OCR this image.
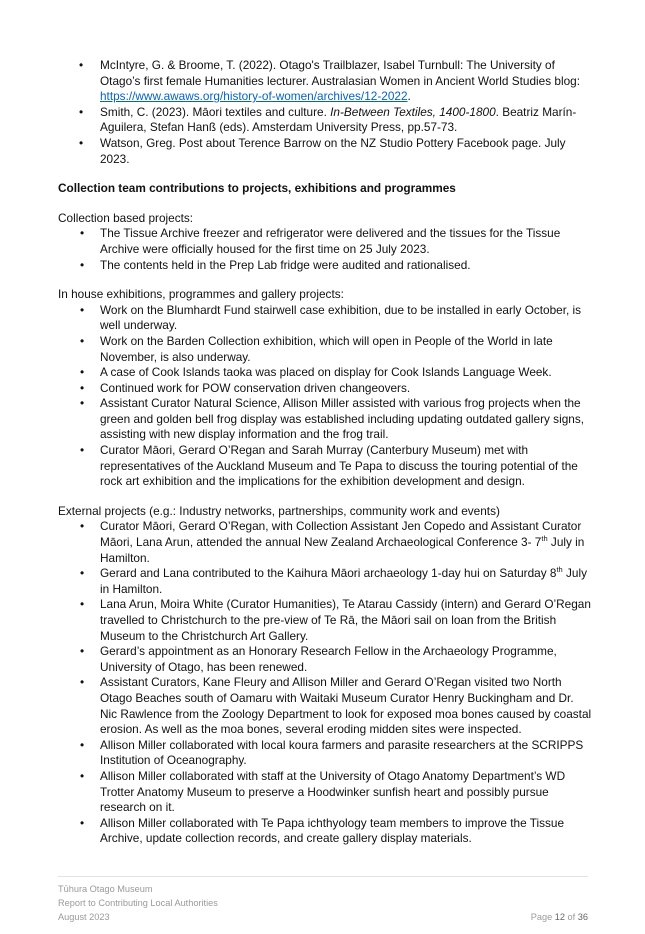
• McIntyre, G. & Broome, T. (2022). Otago's Trailblazer, Isabel Turnbull: The University of Otago’s first female Humanities lecturer. Australasian Women in Ancient World Studies blog: https://www.awaws.org/history-of-women/archives/12-2022.
• Smith, C. (2023). Māori textiles and culture. In-Between Textiles, 1400-1800. Beatriz Marín-Aguilera, Stefan Hanß (eds). Amsterdam University Press, pp.57-73.
• Watson, Greg. Post about Terence Barrow on the NZ Studio Pottery Facebook page. July 2023.
Collection team contributions to projects, exhibitions and programmes
Collection based projects:
• The Tissue Archive freezer and refrigerator were delivered and the tissues for the Tissue Archive were officially housed for the first time on 25 July 2023.
• The contents held in the Prep Lab fridge were audited and rationalised.
In house exhibitions, programmes and gallery projects:
• Work on the Blumhardt Fund stairwell case exhibition, due to be installed in early October, is well underway.
• Work on the Barden Collection exhibition, which will open in People of the World in late November, is also underway.
• A case of Cook Islands taoka was placed on display for Cook Islands Language Week.
• Continued work for POW conservation driven changeovers.
• Assistant Curator Natural Science, Allison Miller assisted with various frog projects when the green and golden bell frog display was established including updating outdated gallery signs, assisting with new display information and the frog trail.
• Curator Māori, Gerard O’Regan and Sarah Murray (Canterbury Museum) met with representatives of the Auckland Museum and Te Papa to discuss the touring potential of the rock art exhibition and the implications for the exhibition development and design.
External projects (e.g.: Industry networks, partnerships, community work and events)
• Curator Māori, Gerard O’Regan, with Collection Assistant Jen Copedo and Assistant Curator Māori, Lana Arun, attended the annual New Zealand Archaeological Conference 3- 7th July in Hamilton.
• Gerard and Lana contributed to the Kaihura Māori archaeology 1-day hui on Saturday 8th July in Hamilton.
• Lana Arun, Moira White (Curator Humanities), Te Atarau Cassidy (intern) and Gerard O’Regan travelled to Christchurch to the pre-view of Te Rā, the Māori sail on loan from the British Museum to the Christchurch Art Gallery.
• Gerard’s appointment as an Honorary Research Fellow in the Archaeology Programme, University of Otago, has been renewed.
• Assistant Curators, Kane Fleury and Allison Miller and Gerard O’Regan visited two North Otago Beaches south of Oamaru with Waitaki Museum Curator Henry Buckingham and Dr. Nic Rawlence from the Zoology Department to look for exposed moa bones caused by coastal erosion. As well as the moa bones, several eroding midden sites were inspected.
• Allison Miller collaborated with local koura farmers and parasite researchers at the SCRIPPS Institution of Oceanography.
• Allison Miller collaborated with staff at the University of Otago Anatomy Department’s WD Trotter Anatomy Museum to preserve a Hoodwinker sunfish heart and possibly pursue research on it.
• Allison Miller collaborated with Te Papa ichthyology team members to improve the Tissue Archive, update collection records, and create gallery display materials.
Tūhura Otago Museum
Report to Contributing Local Authorities
August 2023	Page 12 of 36
